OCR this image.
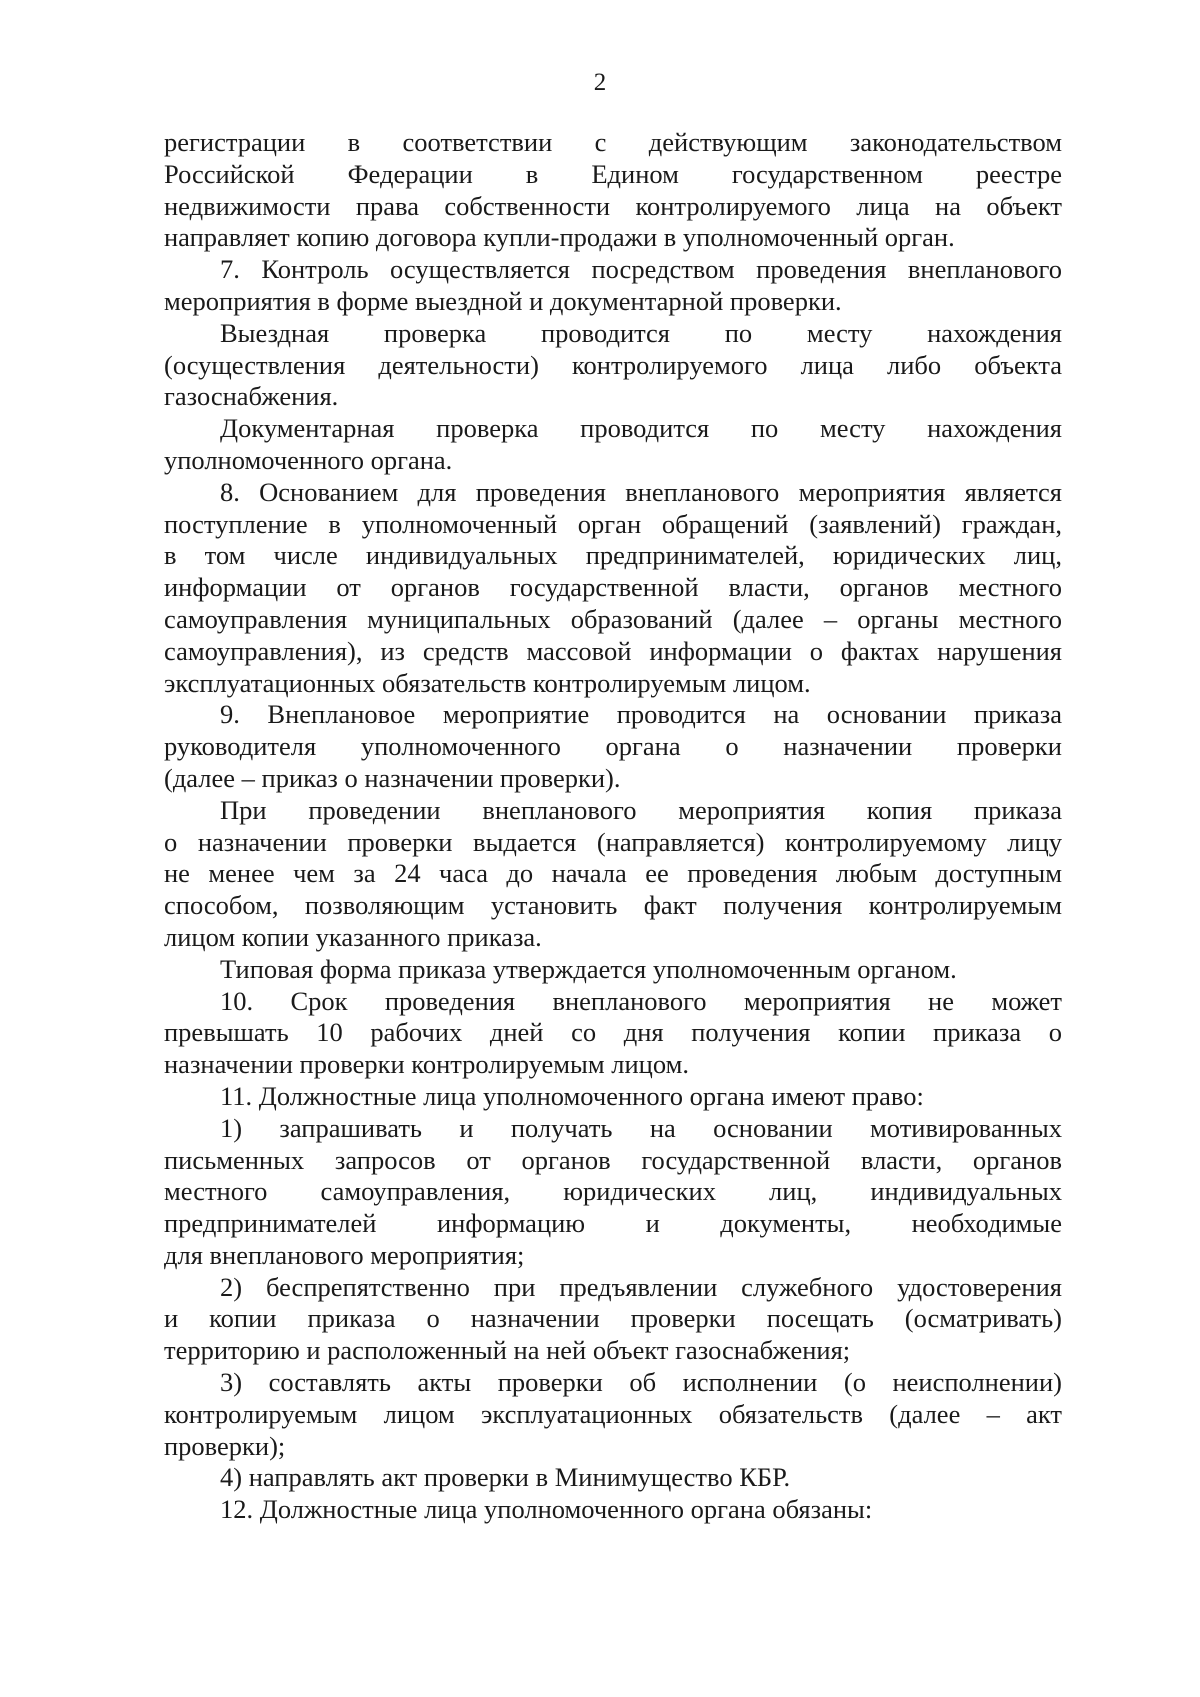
2
регистрации в соответствии с действующим законодательством
Российской Федерации в Едином государственном реестре
недвижимости права собственности контролируемого лица на объект
направляет копию договора купли-продажи в уполномоченный орган.
7. Контроль осуществляется посредством проведения внепланового
мероприятия в форме выездной и документарной проверки.
Выездная проверка проводится по месту нахождения
(осуществления деятельности) контролируемого лица либо объекта
газоснабжения.
Документарная проверка проводится по месту нахождения
уполномоченного органа.
8. Основанием для проведения внепланового мероприятия является
поступление в уполномоченный орган обращений (заявлений) граждан,
в том числе индивидуальных предпринимателей, юридических лиц,
информации от органов государственной власти, органов местного
самоуправления муниципальных образований (далее – органы местного
самоуправления), из средств массовой информации о фактах нарушения
эксплуатационных обязательств контролируемым лицом.
9. Внеплановое мероприятие проводится на основании приказа
руководителя уполномоченного органа о назначении проверки
(далее – приказ о назначении проверки).
При проведении внепланового мероприятия копия приказа
о назначении проверки выдается (направляется) контролируемому лицу
не менее чем за 24 часа до начала ее проведения любым доступным
способом, позволяющим установить факт получения контролируемым
лицом копии указанного приказа.
Типовая форма приказа утверждается уполномоченным органом.
10. Срок проведения внепланового мероприятия не может
превышать 10 рабочих дней со дня получения копии приказа о
назначении проверки контролируемым лицом.
11. Должностные лица уполномоченного органа имеют право:
1) запрашивать и получать на основании мотивированных
письменных запросов от органов государственной власти, органов
местного самоуправления, юридических лиц, индивидуальных
предпринимателей информацию и документы, необходимые
для внепланового мероприятия;
2) беспрепятственно при предъявлении служебного удостоверения
и копии приказа о назначении проверки посещать (осматривать)
территорию и расположенный на ней объект газоснабжения;
3) составлять акты проверки об исполнении (о неисполнении)
контролируемым лицом эксплуатационных обязательств (далее – акт
проверки);
4) направлять акт проверки в Минимущество КБР.
12. Должностные лица уполномоченного органа обязаны:
